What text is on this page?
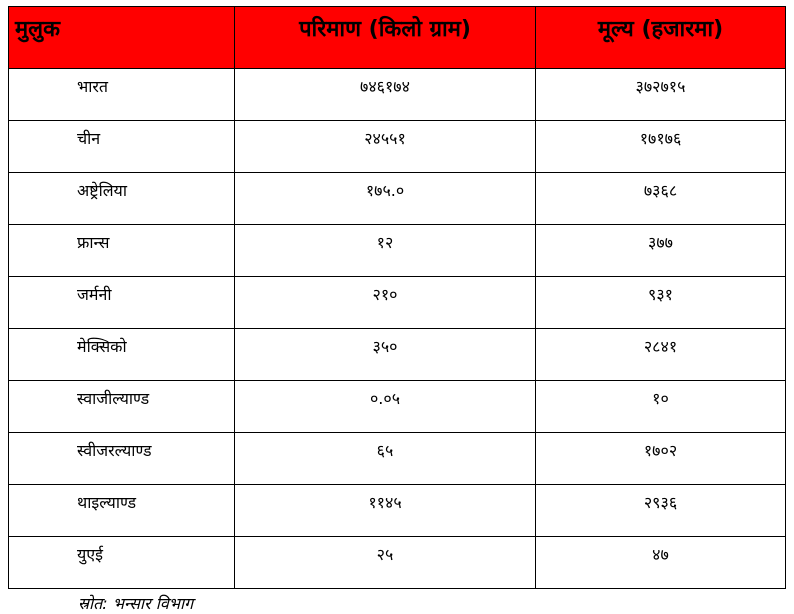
मुलुक	परिमाण (किलो ग्राम)	मूल्य (हजारमा)
भारत	७४६१७४	३७२७१५
चीन	२४५५१	१७१७६
अष्ट्रेलिया	१७५.०	७३६८
फ्रान्स	१२	३७७
जर्मनी	२१०	९३१
मेक्सिको	३५०	२८४१
स्वाजील्याण्ड	०.०५	१०
स्वीजरल्याण्ड	६५	१७०२
थाइल्याण्ड	११४५	२९३६
युएई	२५	४७
स्रोत: भन्सार विभाग
